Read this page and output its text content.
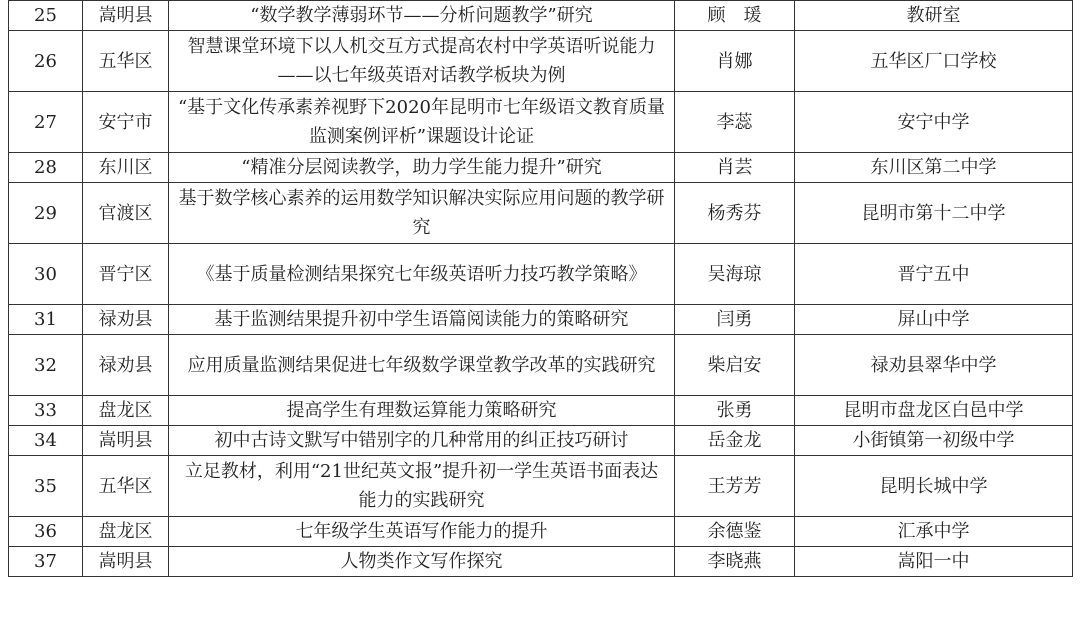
25	嵩明县	“数学教学薄弱环节——分析问题教学”研究	顾　瑗	教研室
26	五华区	智慧课堂环境下以人机交互方式提高农村中学英语听说能力——以七年级英语对话教学板块为例	肖娜	五华区厂口学校
27	安宁市	“基于文化传承素养视野下2020年昆明市七年级语文教育质量监测案例评析”课题设计论证	李蕊	安宁中学
28	东川区	“精准分层阅读教学，助力学生能力提升”研究	肖芸	东川区第二中学
29	官渡区	基于数学核心素养的运用数学知识解决实际应用问题的教学研究	杨秀芬	昆明市第十二中学
30	晋宁区	《基于质量检测结果探究七年级英语听力技巧教学策略》	吴海琼	晋宁五中
31	禄劝县	基于监测结果提升初中学生语篇阅读能力的策略研究	闫勇	屏山中学
32	禄劝县	应用质量监测结果促进七年级数学课堂教学改革的实践研究	柴启安	禄劝县翠华中学
33	盘龙区	提高学生有理数运算能力策略研究	张勇	昆明市盘龙区白邑中学
34	嵩明县	初中古诗文默写中错别字的几种常用的纠正技巧研讨	岳金龙	小街镇第一初级中学
35	五华区	立足教材，利用“21世纪英文报”提升初一学生英语书面表达能力的实践研究	王芳芳	昆明长城中学
36	盘龙区	七年级学生英语写作能力的提升	余德鉴	汇承中学
37	嵩明县	人物类作文写作探究	李晓燕	嵩阳一中
